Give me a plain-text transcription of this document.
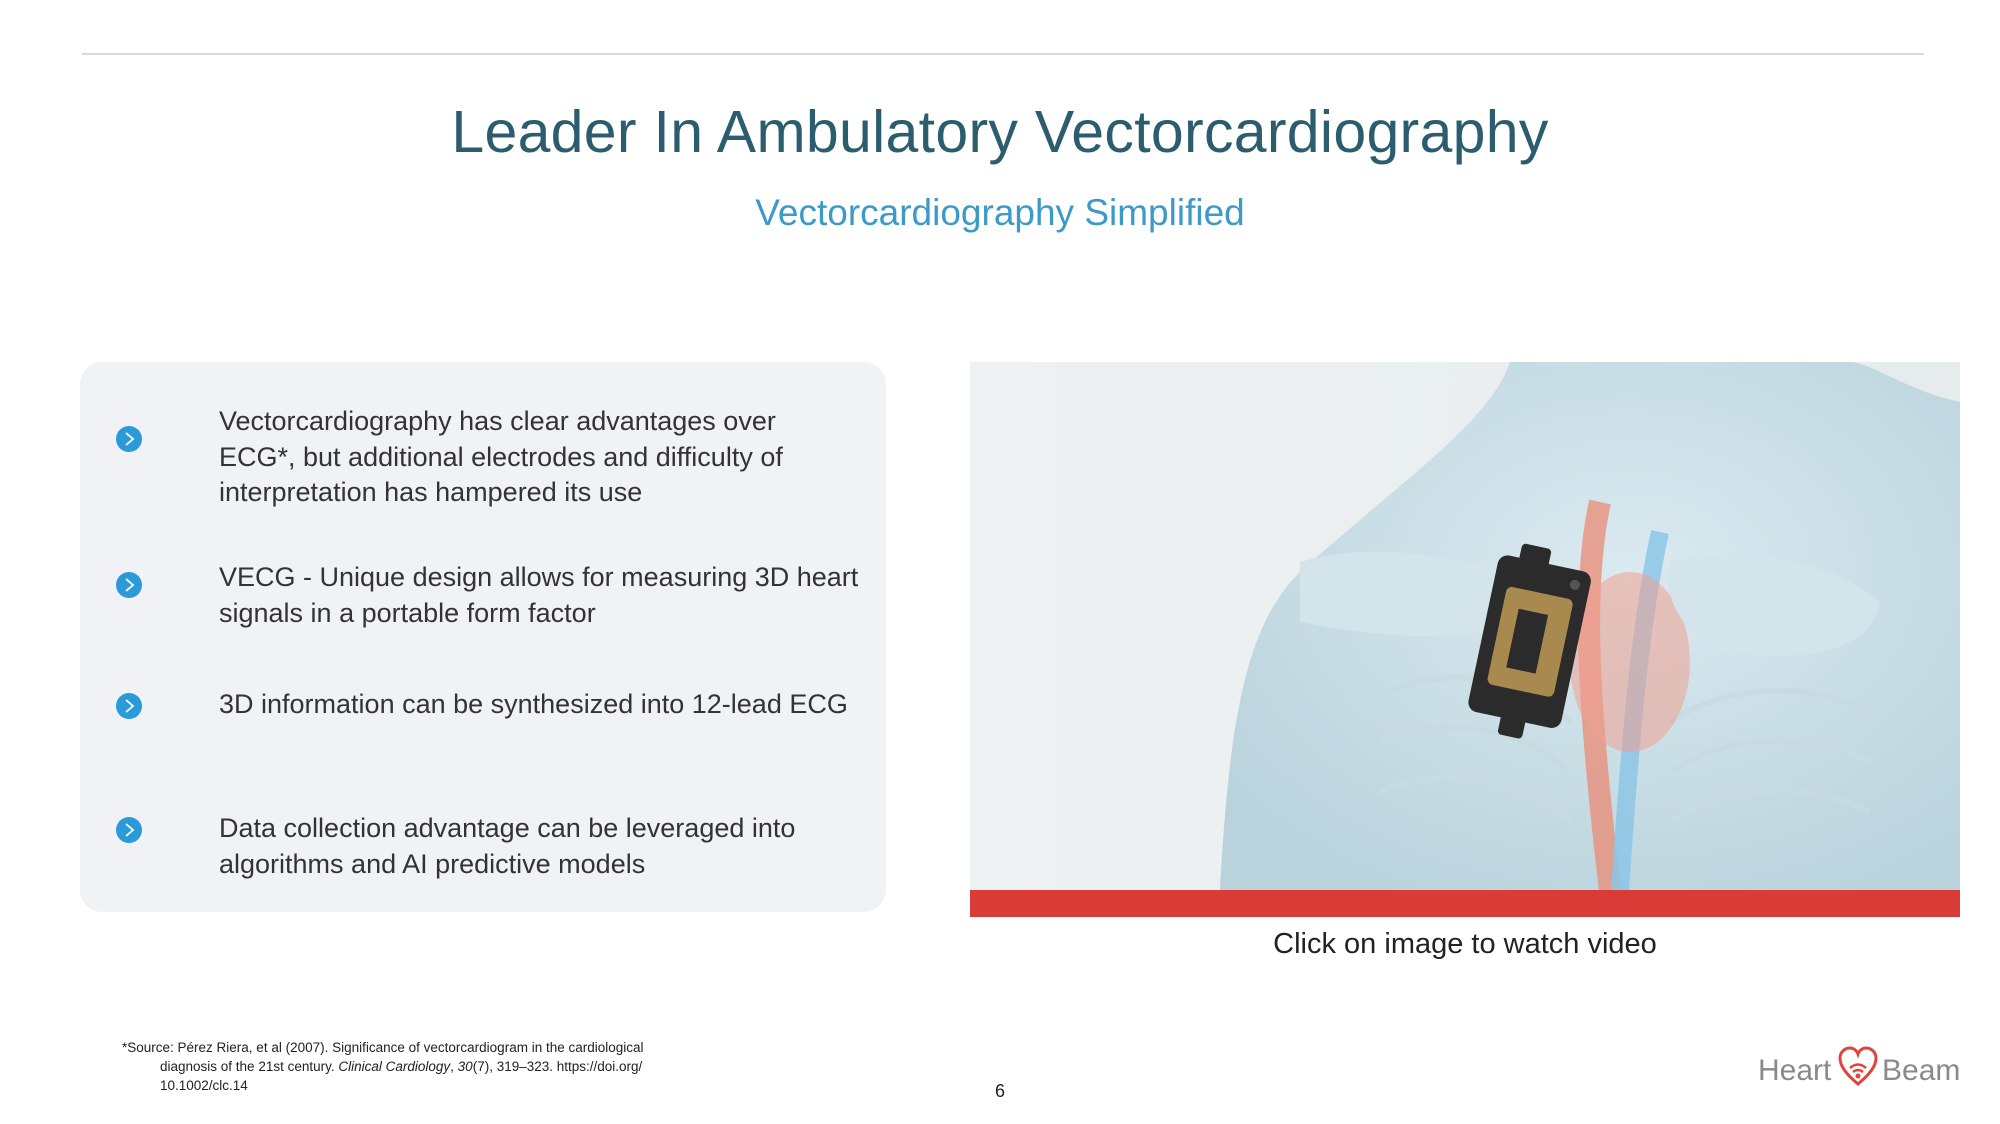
Leader In Ambulatory Vectorcardiography
Vectorcardiography Simplified
Vectorcardiography has clear advantages over ECG*, but additional electrodes and difficulty of interpretation has hampered its use
VECG - Unique design allows for measuring 3D heart signals in a portable form factor
3D information can be synthesized into 12-lead ECG
Data collection advantage can be leveraged into algorithms and AI predictive models
Click on image to watch video
*Source: Pérez Riera, et al (2007). Significance of vectorcardiogram in the cardiological
diagnosis of the 21st century. Clinical Cardiology, 30(7), 319–323. https://doi.org/
10.1002/clc.14	6
Heart Beam
